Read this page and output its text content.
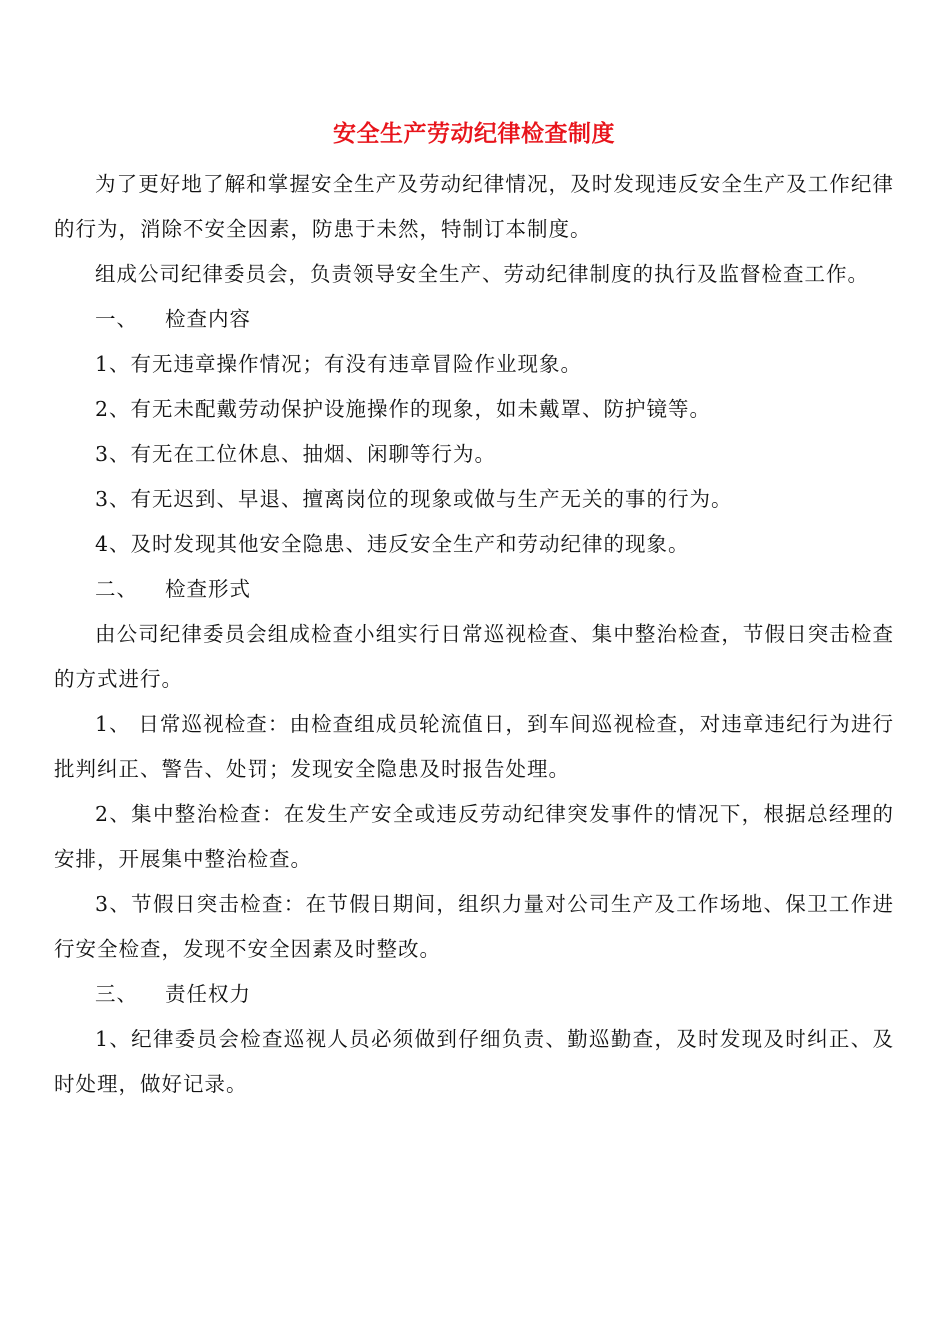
安全生产劳动纪律检查制度

为了更好地了解和掌握安全生产及劳动纪律情况，及时发现违反安全生产及工作纪律的行为，消除不安全因素，防患于未然，特制订本制度。

组成公司纪律委员会，负责领导安全生产、劳动纪律制度的执行及监督检查工作。

一、 检查内容

1、有无违章操作情况；有没有违章冒险作业现象。

2、有无未配戴劳动保护设施操作的现象，如未戴罩、防护镜等。

3、有无在工位休息、抽烟、闲聊等行为。

3、有无迟到、早退、擅离岗位的现象或做与生产无关的事的行为。

4、及时发现其他安全隐患、违反安全生产和劳动纪律的现象。

二、 检查形式

由公司纪律委员会组成检查小组实行日常巡视检查、集中整治检查，节假日突击检查的方式进行。

1、 日常巡视检查：由检查组成员轮流值日，到车间巡视检查，对违章违纪行为进行批判纠正、警告、处罚；发现安全隐患及时报告处理。

2、集中整治检查：在发生产安全或违反劳动纪律突发事件的情况下，根据总经理的安排，开展集中整治检查。

3、节假日突击检查：在节假日期间，组织力量对公司生产及工作场地、保卫工作进行安全检查，发现不安全因素及时整改。

三、 责任权力

1、纪律委员会检查巡视人员必须做到仔细负责、勤巡勤查，及时发现及时纠正、及时处理，做好记录。
